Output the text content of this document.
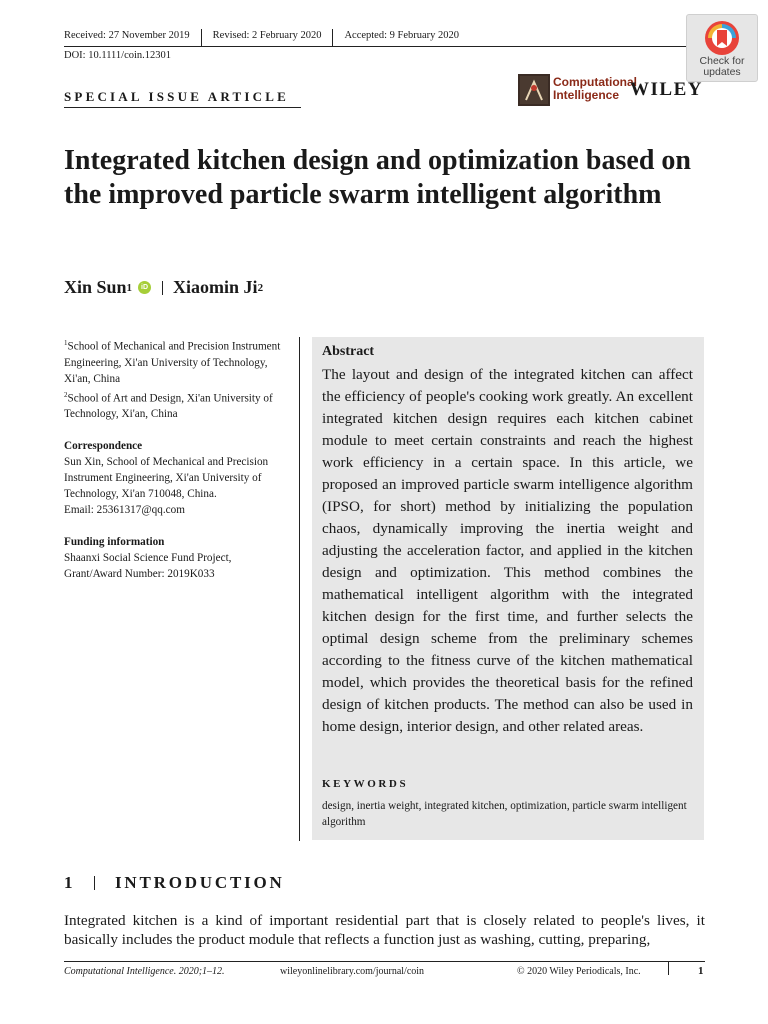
Received: 27 November 2019	Revised: 2 February 2020	Accepted: 9 February 2020
DOI: 10.1111/coin.12301
SPECIAL ISSUE ARTICLE
Check for
updates
Computational
Intelligence WILEY
Integrated kitchen design and optimization based on the improved particle swarm intelligent algorithm
Xin Sun 1	iD Xiaomin Ji 2

$^1$School of Mechanical and Precision Instrument Engineering, Xi'an University of Technology, Xi'an, China

$^2$School of Art and Design, Xi'an University of Technology, Xi'an, China

Correspondence

Sun Xin, School of Mechanical and Precision Instrument Engineering, Xi'an University of Technology, Xi'an 710048, China.

Email: 25361317@qq.com

Funding information

Shaanxi Social Science Fund Project, Grant/Award Number: 2019K033

Abstract
The layout and design of the integrated kitchen can affect the efficiency of people's cooking work greatly. An excellent integrated kitchen design requires each kitchen cabinet module to meet certain constraints and reach the highest work efficiency in a certain space. In this article, we proposed an improved particle swarm intelligence algorithm (IPSO, for short) method by initializing the population chaos, dynamically improving the inertia weight and adjusting the acceleration factor, and applied in the kitchen design and optimization. This method combines the mathematical intelligent algorithm with the integrated kitchen design for the first time, and further selects the optimal design scheme from the preliminary schemes according to the fitness curve of the kitchen mathematical model, which provides the theoretical basis for the refined design of kitchen products. The method can also be used in home design, interior design, and other related areas.
KEYWORDS
design, inertia weight, integrated kitchen, optimization, particle swarm intelligent algorithm
1	INTRODUCTION
Integrated kitchen is a kind of important residential part that is closely related to people's lives, it basically includes the product module that reflects a function just as washing, cutting, preparing,
Computational Intelligence. 2020;1–12.	wileyonlinelibrary.com/journal/coin	© 2020 Wiley Periodicals, Inc.	1
